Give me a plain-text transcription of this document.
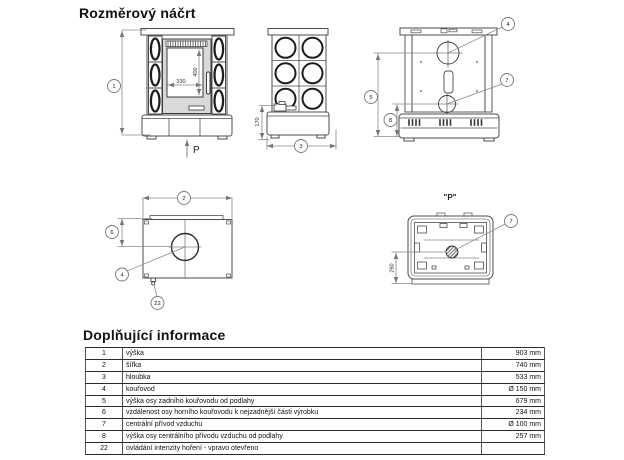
Rozměrový náčrt
1
330
400
P
170
3
4
7
5
8
2
6
4
22
"P"
7
260
Doplňující informace
1	výška	903 mm
2	šířka	740 mm
3	hloubka	533 mm
4	kouřovod	Ø 150 mm
5	výška osy zadního kouřovodu od podlahy	679 mm
6	vzdálenost osy horního kouřovodu k nejzadnější části výrobku	234 mm
7	centrální přívod vzduchu	Ø 100 mm
8	výška osy centrálního přívodu vzduchu od podlahy	257 mm
22	ovládání intenzity hoření - vpravo otevřeno	
